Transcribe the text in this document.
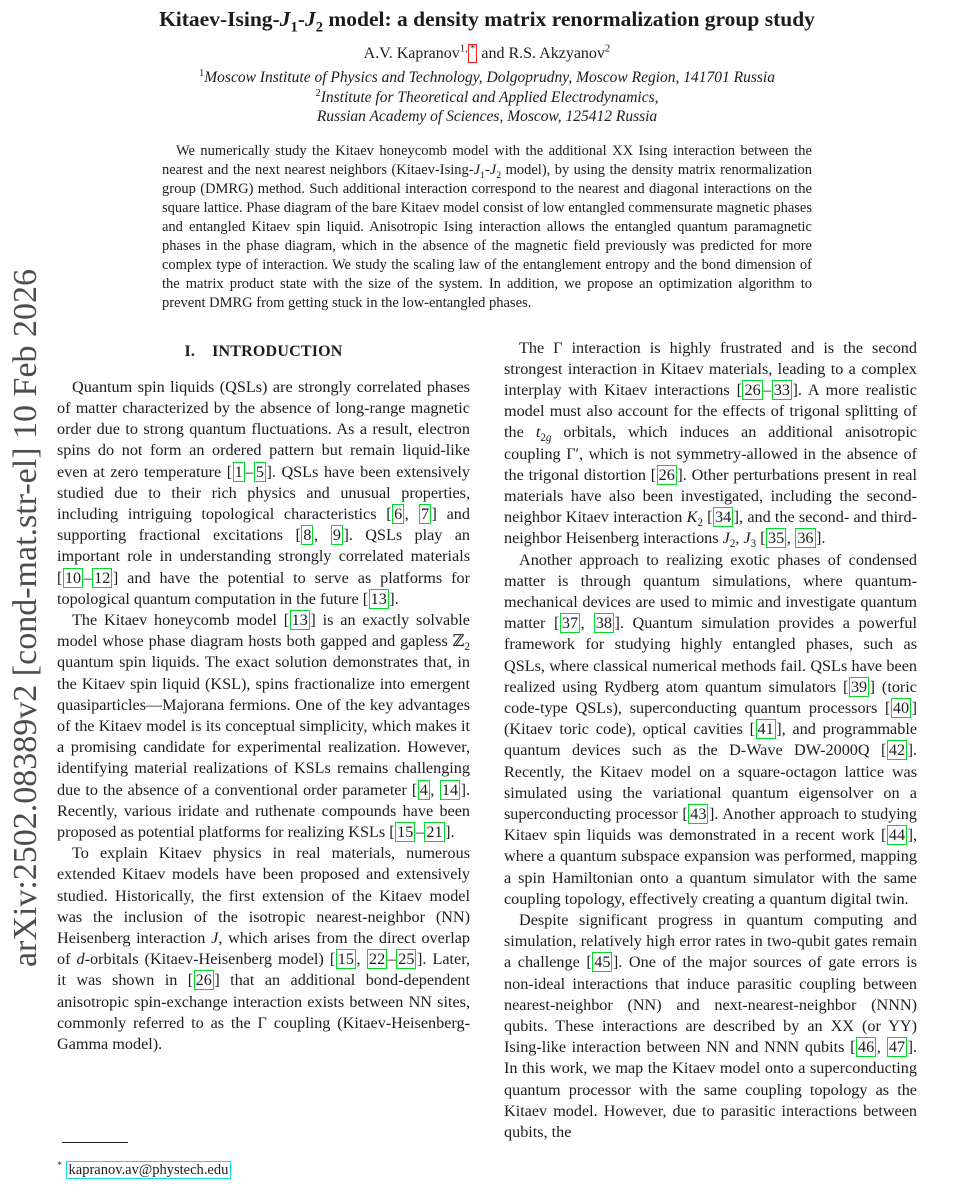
arXiv:2502.08389v2 [cond-mat.str-el] 10 Feb 2026
Kitaev-$Ising-J_1-J_2$ model: a density matrix renormalization group study
A.V. Kapranov$^{1,}$ * and R.S. Akzyanov$^2$
$^1$Moscow Institute of Physics and Technology, Dolgoprudny, Moscow Region, 141701 Russia
$^2$Institute for Theoretical and Applied Electrodynamics,
Russian Academy of Sciences, Moscow, 125412 Russia
We numerically study the Kitaev honeycomb model with the additional XX Ising interaction between the nearest and the next nearest neighbors ($Kitaev-Ising-J_1-J_2$ model), by using the density matrix renormalization group (DMRG) method. Such additional interaction correspond to the nearest and diagonal interactions on the square lattice. Phase diagram of the bare Kitaev model consist of low entangled commensurate magnetic phases and entangled Kitaev spin liquid. Anisotropic Ising interaction allows the entangled quantum paramagnetic phases in the phase diagram, which in the absence of the magnetic field previously was predicted for more complex type of interaction. We study the scaling law of the entanglement entropy and the bond dimension of the matrix product state with the size of the system. In addition, we propose an optimization algorithm to prevent DMRG from getting stuck in the low-entangled phases.
I. INTRODUCTION

Quantum spin liquids (QSLs) are strongly correlated phases of matter characterized by the absence of long-range magnetic order due to strong quantum fluctuations. As a result, electron spins do not form an ordered pattern but remain liquid-like even at zero temperature [ 1 – 5 ]. QSLs have been extensively studied due to their rich physics and unusual properties, including intriguing topological characteristics [ 6 , 7 ] and supporting fractional excitations [ 8 , 9 ]. QSLs play an important role in understanding strongly correlated materials [ 10 – 12 ] and have the potential to serve as platforms for topological quantum computation in the future [ 13 ].

The Kitaev honeycomb model [ 13 ] is an exactly solvable model whose phase diagram hosts both gapped and gapless ℤ$_2$ quantum spin liquids. The exact solution demonstrates that, in the Kitaev spin liquid (KSL), spins fractionalize into emergent quasiparticles—Majorana fermions. One of the key advantages of the Kitaev model is its conceptual simplicity, which makes it a promising candidate for experimental realization. However, identifying material realizations of KSLs remains challenging due to the absence of a conventional order parameter [ 4 , 14 ]. Recently, various iridate and ruthenate compounds have been proposed as potential platforms for realizing KSLs [ 15 – 21 ].

To explain Kitaev physics in real materials, numerous extended Kitaev models have been proposed and extensively studied. Historically, the first extension of the Kitaev model was the inclusion of the isotropic nearest-neighbor (NN) Heisenberg interaction J, which arises from the direct overlap of d-orbitals (Kitaev-Heisenberg model) [ 15 , 22 – 25 ]. Later, it was shown in [ 26 ] that an additional bond-dependent anisotropic spin-exchange interaction exists between NN sites, commonly referred to as the Γ coupling (Kitaev-Heisenberg-Gamma model).

The Γ interaction is highly frustrated and is the second strongest interaction in Kitaev materials, leading to a complex interplay with Kitaev interactions [ 26 – 33 ]. A more realistic model must also account for the effects of trigonal splitting of the $t_{2g}$ orbitals, which induces an additional anisotropic coupling Γ′, which is not symmetry-allowed in the absence of the trigonal distortion [ 26 ]. Other perturbations present in real materials have also been investigated, including the second-neighbor Kitaev interaction $K_2$ [ 34 ], and the second- and third-neighbor Heisenberg interactions $J_2$, $J_3$ [ 35 , 36 ].

Another approach to realizing exotic phases of condensed matter is through quantum simulations, where quantum-mechanical devices are used to mimic and investigate quantum matter [ 37 , 38 ]. Quantum simulation provides a powerful framework for studying highly entangled phases, such as QSLs, where classical numerical methods fail. QSLs have been realized using Rydberg atom quantum simulators [ 39 ] (toric code-type QSLs), superconducting quantum processors [ 40 ] (Kitaev toric code), optical cavities [ 41 ], and programmable quantum devices such as the D-Wave DW-2000Q [ 42 ]. Recently, the Kitaev model on a square-octagon lattice was simulated using the variational quantum eigensolver on a superconducting processor [ 43 ]. Another approach to studying Kitaev spin liquids was demonstrated in a recent work [ 44 ], where a quantum subspace expansion was performed, mapping a spin Hamiltonian onto a quantum simulator with the same coupling topology, effectively creating a quantum digital twin.

Despite significant progress in quantum computing and simulation, relatively high error rates in two-qubit gates remain a challenge [ 45 ]. One of the major sources of gate errors is non-ideal interactions that induce parasitic coupling between nearest-neighbor (NN) and next-nearest-neighbor (NNN) qubits. These interactions are described by an XX (or YY) Ising-like interaction between NN and NNN qubits [ 46 , 47 ]. In this work, we map the Kitaev model onto a superconducting quantum processor with the same coupling topology as the Kitaev model. However, due to parasitic interactions between qubits, the

* kapranov.av@phystech.edu
